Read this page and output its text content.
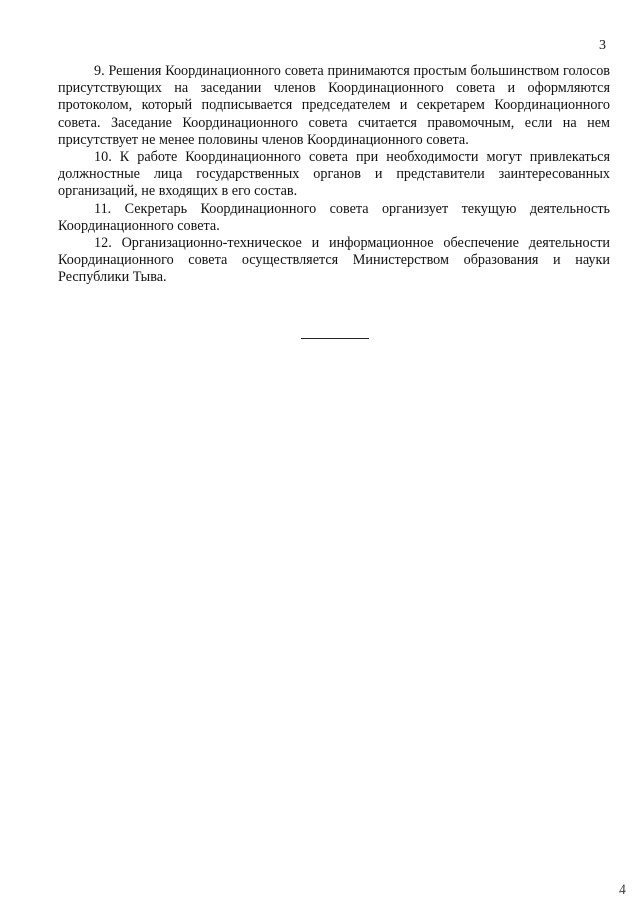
3

9. Решения Координационного совета принимаются простым большинством голосов присутствующих на заседании членов Координационного совета и оформляются протоколом, который подписывается председателем и секретарем Координационного совета. Заседание Координационного совета считается правомочным, если на нем присутствует не менее половины членов Координационного совета.

10. К работе Координационного совета при необходимости могут привлекаться должностные лица государственных органов и представители заинтересованных организаций, не входящих в его состав.

11. Секретарь Координационного совета организует текущую деятельность Координационного совета.

12. Организационно-техническое и информационное обеспечение деятельности Координационного совета осуществляется Министерством образования и науки Республики Тыва.

4
